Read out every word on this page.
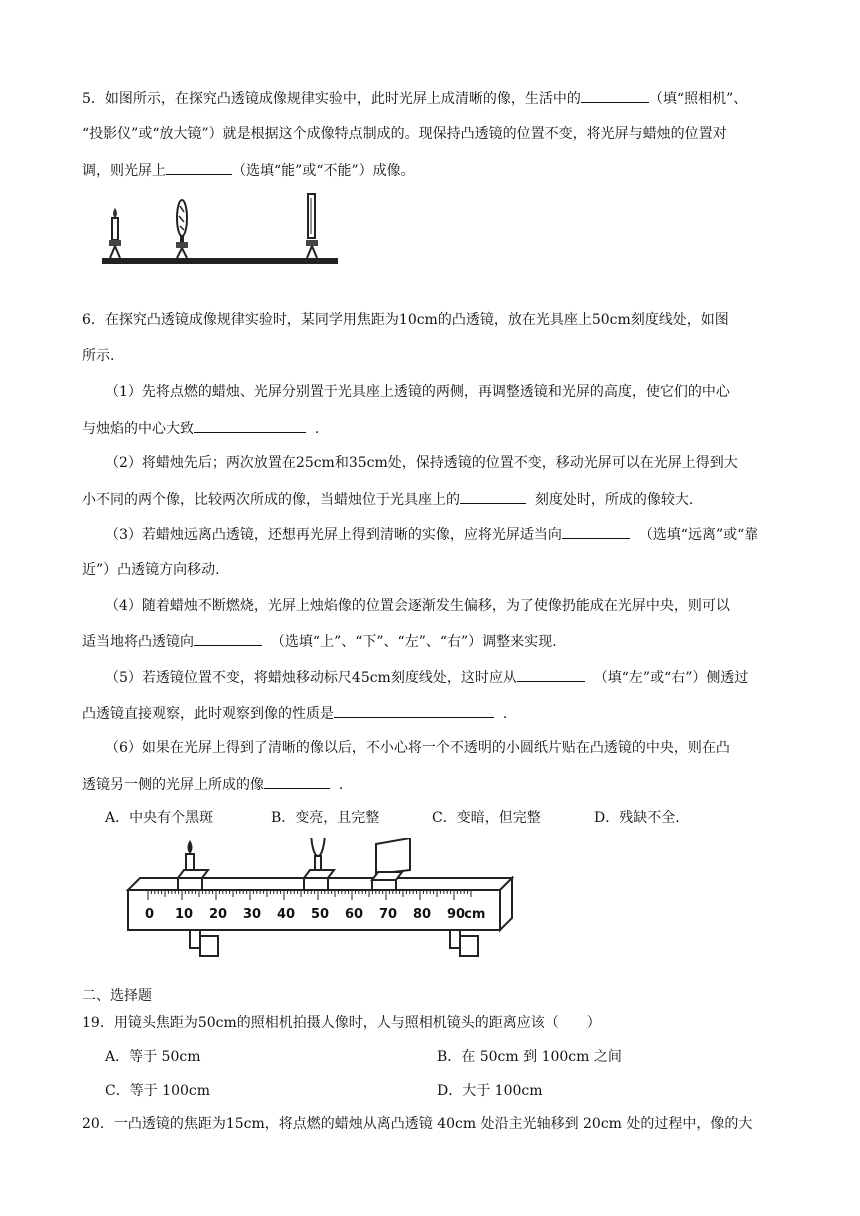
5．如图所示，在探究凸透镜成像规律实验中，此时光屏上成清晰的像，生活中的	（填“照相机”、
“投影仪”或“放大镜”）就是根据这个成像特点制成的。现保持凸透镜的位置不变，将光屏与蜡烛的位置对
调，则光屏上	（选填“能”或“不能”）成像。
6．在探究凸透镜成像规律实验时，某同学用焦距为10cm的凸透镜，放在光具座上50cm刻度线处，如图
所示.
（1）先将点燃的蜡烛、光屏分别置于光具座上透镜的两侧，再调整透镜和光屏的高度，使它们的中心
与烛焰的中心大致	.
（2）将蜡烛先后；两次放置在25cm和35cm处，保持透镜的位置不变，移动光屏可以在光屏上得到大
小不同的两个像，比较两次所成的像，当蜡烛位于光具座上的	刻度处时，所成的像较大.
（3）若蜡烛远离凸透镜，还想再光屏上得到清晰的实像，应将光屏适当向	（选填“远离”或“靠
近”）凸透镜方向移动.
（4）随着蜡烛不断燃烧，光屏上烛焰像的位置会逐渐发生偏移，为了使像扔能成在光屏中央，则可以
适当地将凸透镜向	（选填“上”、“下”、“左”、“右”）调整来实现.
（5）若透镜位置不变，将蜡烛移动标尺45cm刻度线处，这时应从	（填“左”或“右”）侧透过
凸透镜直接观察，此时观察到像的性质是	.
（6）如果在光屏上得到了清晰的像以后，不小心将一个不透明的小圆纸片贴在凸透镜的中央，则在凸
透镜另一侧的光屏上所成的像	.
A．中央有个黑斑	B．变亮，且完整	C．变暗，但完整	D．残缺不全.
0 10 20 30 40 50 60 70 80 90 cm
二、选择题
19．用镜头焦距为50cm的照相机拍摄人像时，人与照相机镜头的距离应该（　　）
A．等于 50cm	B．在 50cm 到 100cm 之间
C．等于 100cm	D．大于 100cm
20．一凸透镜的焦距为15cm，将点燃的蜡烛从离凸透镜 40cm 处沿主光轴移到 20cm 处的过程中，像的大
